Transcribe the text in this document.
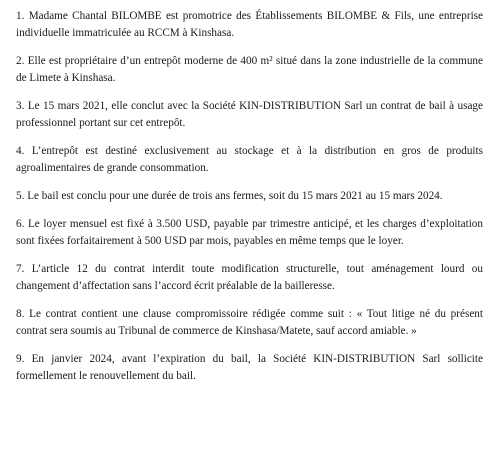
1. Madame Chantal BILOMBE est promotrice des Établissements BILOMBE & Fils, une entreprise individuelle immatriculée au RCCM à Kinshasa.

2. Elle est propriétaire d’un entrepôt moderne de 400 m² situé dans la zone industrielle de la commune de Limete à Kinshasa.

3. Le 15 mars 2021, elle conclut avec la Société KIN-DISTRIBUTION Sarl un contrat de bail à usage professionnel portant sur cet entrepôt.

4. L’entrepôt est destiné exclusivement au stockage et à la distribution en gros de produits agroalimentaires de grande consommation.

5. Le bail est conclu pour une durée de trois ans fermes, soit du 15 mars 2021 au 15 mars 2024.

6. Le loyer mensuel est fixé à 3.500 USD, payable par trimestre anticipé, et les charges d’exploitation sont fixées forfaitairement à 500 USD par mois, payables en même temps que le loyer.

7. L’article 12 du contrat interdit toute modification structurelle, tout aménagement lourd ou changement d’affectation sans l’accord écrit préalable de la bailleresse.

8. Le contrat contient une clause compromissoire rédigée comme suit : « Tout litige né du présent contrat sera soumis au Tribunal de commerce de Kinshasa/Matete, sauf accord amiable. »

9. En janvier 2024, avant l’expiration du bail, la Société KIN-DISTRIBUTION Sarl sollicite formellement le renouvellement du bail.
